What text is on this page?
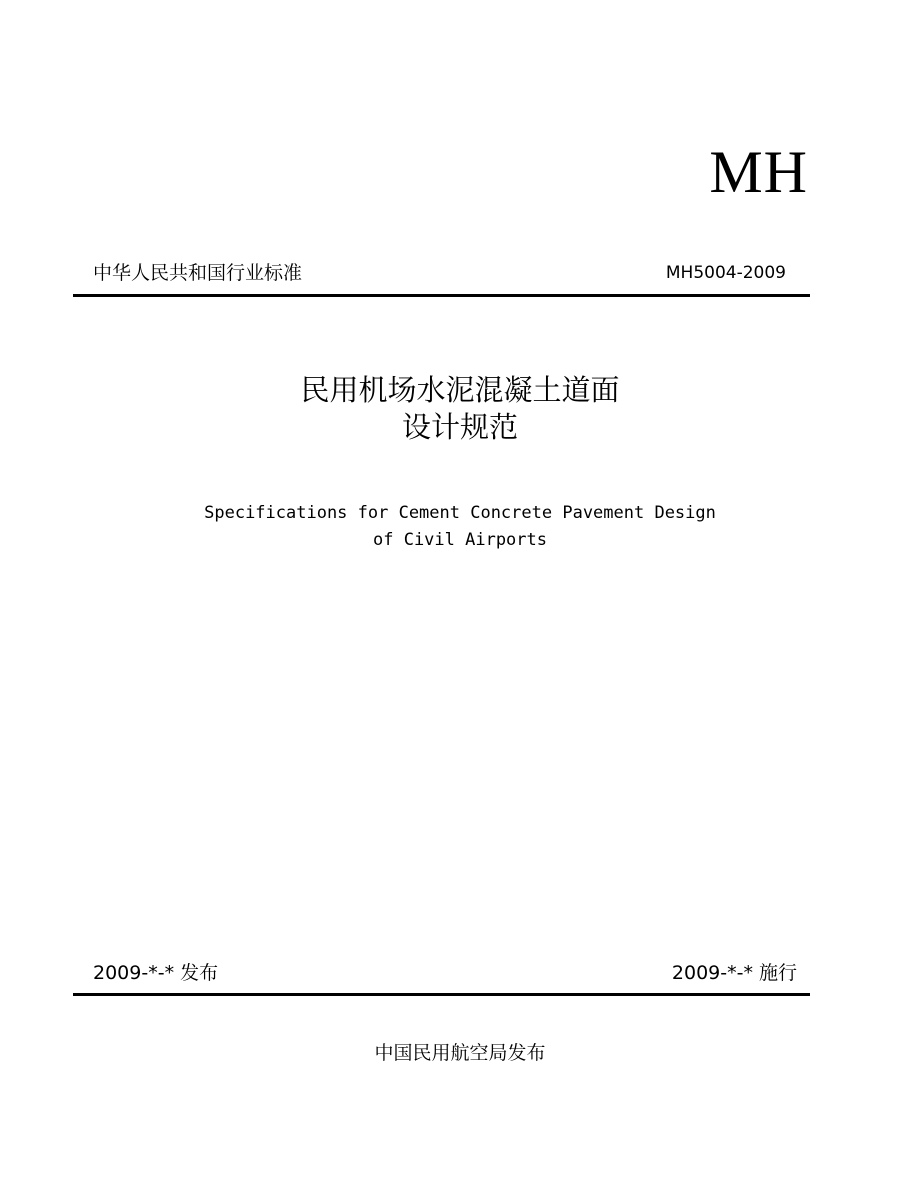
MH
中华人民共和国行业标准	MH5004-2009
民用机场水泥混凝土道面
设计规范
Specifications for Cement Concrete Pavement Design
of Civil Airports
2009-*-* 发布	2009-*-* 施行
中国民用航空局发布
